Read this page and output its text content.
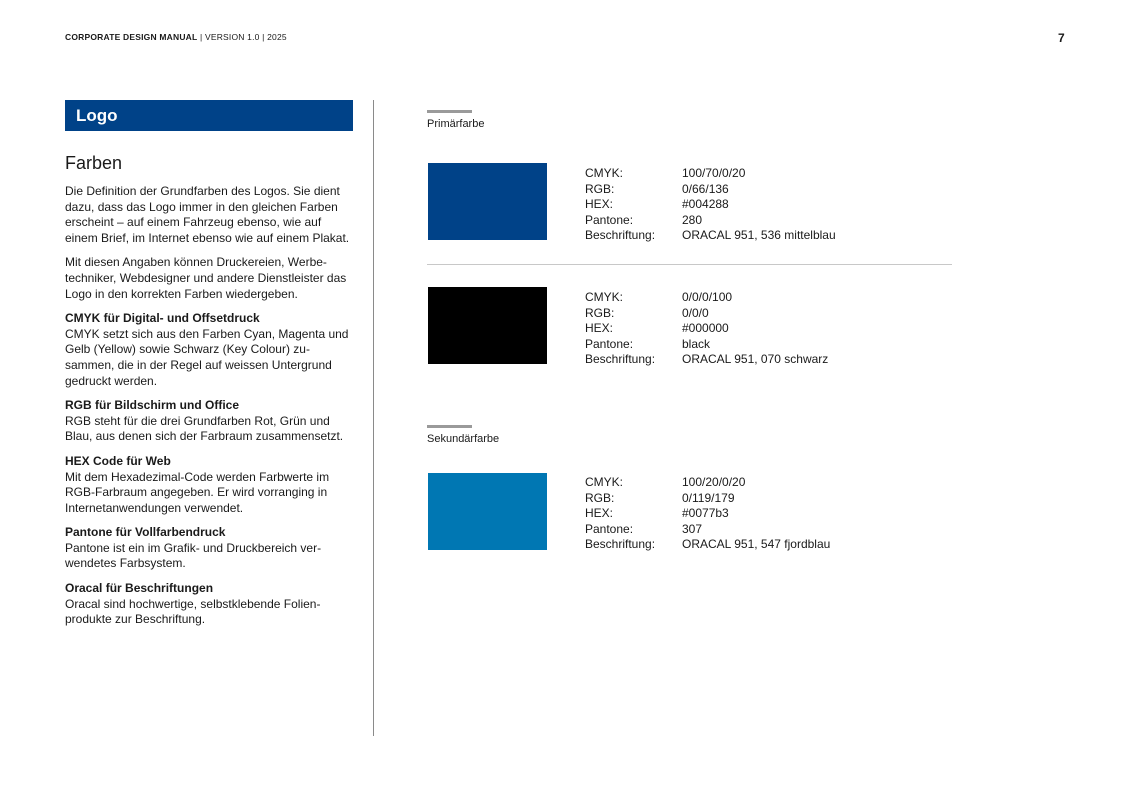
CORPORATE DESIGN MANUAL | VERSION 1.0 | 2025	7
Logo
Farben

Die Definition der Grundfarben des Logos. Sie dient dazu, dass das Logo immer in den gleichen Farben erscheint – auf einem Fahrzeug ebenso, wie auf einem Brief, im Internet ebenso wie auf einem Plakat.

Mit diesen Angaben können Druckereien, Werbe-techniker, Webdesigner und andere Dienstleister das Logo in den korrekten Farben wiedergeben.

CMYK für Digital- und Offsetdruck
CMYK setzt sich aus den Farben Cyan, Magenta und Gelb (Yellow) sowie Schwarz (Key Colour) zu-sammen, die in der Regel auf weissen Untergrund gedruckt werden.

RGB für Bildschirm und Office
RGB steht für die drei Grundfarben Rot, Grün und Blau, aus denen sich der Farbraum zusammensetzt.

HEX Code für Web
Mit dem Hexadezimal-Code werden Farbwerte im RGB-Farbraum angegeben. Er wird vorranging in Internetanwendungen verwendet.

Pantone für Vollfarbendruck
Pantone ist ein im Grafik- und Druckbereich ver-wendetes Farbsystem.

Oracal für Beschriftungen
Oracal sind hochwertige, selbstklebende Folien-produkte zur Beschriftung.

Primärfarbe
CMYK:	100/70/0/20
RGB:	0/66/136
HEX:	#004288
Pantone:	280
Beschriftung:	ORACAL 951, 536 mittelblau
CMYK:	0/0/0/100
RGB:	0/0/0
HEX:	#000000
Pantone:	black
Beschriftung:	ORACAL 951, 070 schwarz
Sekundärfarbe
CMYK:	100/20/0/20
RGB:	0/119/179
HEX:	#0077b3
Pantone:	307
Beschriftung:	ORACAL 951, 547 fjordblau
